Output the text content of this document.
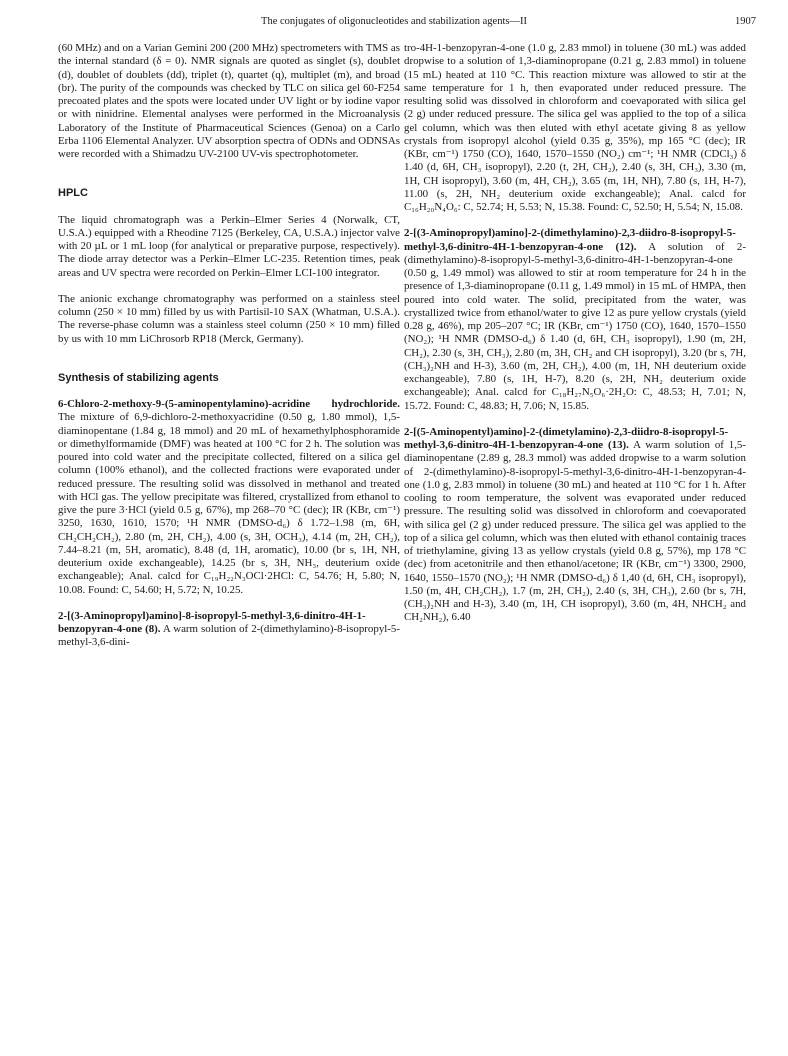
The conjugates of oligonucleotides and stabilization agents—II	1907

(60 MHz) and on a Varian Gemini 200 (200 MHz) spectrometers with TMS as the internal standard (δ = 0). NMR signals are quoted as singlet (s), doublet (d), doublet of doublets (dd), triplet (t), quartet (q), multiplet (m), and broad (br). The purity of the compounds was checked by TLC on silica gel 60-F254 precoated plates and the spots were located under UV light or by iodine vapor or with ninidrine. Elemental analyses were performed in the Microanalysis Laboratory of the Institute of Pharmaceutical Sciences (Genoa) on a Carlo Erba 1106 Elemental Analyzer. UV absorption spectra of ODNs and ODNSAs were recorded with a Shimadzu UV-2100 UV-vis spectrophotometer.

HPLC

The liquid chromatograph was a Perkin–Elmer Series 4 (Norwalk, CT, U.S.A.) equipped with a Rheodine 7125 (Berkeley, CA, U.S.A.) injector valve with 20 µL or 1 mL loop (for analytical or preparative purpose, respectively). The diode array detector was a Perkin–Elmer LC-235. Retention times, peak areas and UV spectra were recorded on Perkin–Elmer LCI-100 integrator.

The anionic exchange chromatography was performed on a stainless steel column (250 × 10 mm) filled by us with Partisil-10 SAX (Whatman, U.S.A.). The reverse-phase column was a stainless steel column (250 × 10 mm) filled by us with 10 mm LiChrosorb RP18 (Merck, Germany).

Synthesis of stabilizing agents

6-Chloro-2-methoxy-9-(5-aminopentylamino)-acridine hydrochloride. The mixture of 6,9-dichloro-2-methoxyacridine (0.50 g, 1.80 mmol), 1,5-diaminopentane (1.84 g, 18 mmol) and 20 mL of hexamethylphosphoramide or dimethylformamide (DMF) was heated at 100 °C for 2 h. The solution was poured into cold water and the precipitate collected, filtered on a silica gel column (100% ethanol), and the collected fractions were evaporated under reduced pressure. The resulting solid was dissolved in methanol and treated with HCl gas. The yellow precipitate was filtered, crystallized from ethanol to give the pure 3·HCl (yield 0.5 g, 67%), mp 268–70 °C (dec); IR (KBr, cm⁻¹) 3250, 1630, 1610, 1570; ¹H NMR (DMSO-d₆) δ 1.72–1.98 (m, 6H, CH₂CH₂CH₂), 2.80 (m, 2H, CH₂), 4.00 (s, 3H, OCH₃), 4.14 (m, 2H, CH₂), 7.44–8.21 (m, 5H, aromatic), 8.48 (d, 1H, aromatic), 10.00 (br s, 1H, NH, deuterium oxide exchangeable), 14.25 (br s, 3H, NH₃, deuterium oxide exchangeable); Anal. calcd for C₁₉H₂₂N₃OCl·2HCl: C, 54.76; H, 5.80; N, 10.08. Found: C, 54.60; H, 5.72; N, 10.25.

2-[(3-Aminopropyl)amino]-8-isopropyl-5-methyl-3,6-dinitro-4H-1-benzopyran-4-one (8). A warm solution of 2-(dimethylamino)-8-isopropyl-5-methyl-3,6-dini-

tro-4H-1-benzopyran-4-one (1.0 g, 2.83 mmol) in toluene (30 mL) was added dropwise to a solution of 1,3-diaminopropane (0.21 g, 2.83 mmol) in toluene (15 mL) heated at 110 °C. This reaction mixture was allowed to stir at the same temperature for 1 h, then evaporated under reduced pressure. The resulting solid was dissolved in chloroform and coevaporated with silica gel (2 g) under reduced pressure. The silica gel was applied to the top of a silica gel column, which was then eluted with ethyl acetate giving 8 as yellow crystals from isopropyl alcohol (yield 0.35 g, 35%), mp 165 °C (dec); IR (KBr, cm⁻¹) 1750 (CO), 1640, 1570–1550 (NO₂) cm⁻¹; ¹H NMR (CDCl₃) δ 1.40 (d, 6H, CH₃ isopropyl), 2.20 (t, 2H, CH₂), 2.40 (s, 3H, CH₃), 3.30 (m, 1H, CH isopropyl), 3.60 (m, 4H, CH₂), 3.65 (m, 1H, NH), 7.80 (s, 1H, H-7), 11.00 (s, 2H, NH₂ deuterium oxide exchangeable); Anal. calcd for C₁₆H₂₀N₄O₆: C, 52.74; H, 5.53; N, 15.38. Found: C, 52.50; H, 5.54; N, 15.08.

2-[(3-Aminopropyl)amino]-2-(dimethylamino)-2,3-diidro-8-isopropyl-5-methyl-3,6-dinitro-4H-1-benzopyran-4-one (12). A solution of 2-(dimethylamino)-8-isopropyl-5-methyl-3,6-dinitro-4H-1-benzopyran-4-one (0.50 g, 1.49 mmol) was allowed to stir at room temperature for 24 h in the presence of 1,3-diaminopropane (0.11 g, 1.49 mmol) in 15 mL of HMPA, then poured into cold water. The solid, precipitated from the water, was crystallized twice from ethanol/water to give 12 as pure yellow crystals (yield 0.28 g, 46%), mp 205–207 °C; IR (KBr, cm⁻¹) 1750 (CO), 1640, 1570–1550 (NO₂); ¹H NMR (DMSO-d₆) δ 1.40 (d, 6H, CH₃ isopropyl), 1.90 (m, 2H, CH₂), 2.30 (s, 3H, CH₃), 2.80 (m, 3H, CH₂ and CH isopropyl), 3.20 (br s, 7H, (CH₃)₂NH and H-3), 3.60 (m, 2H, CH₂), 4.00 (m, 1H, NH deuterium oxide exchangeable), 7.80 (s, 1H, H-7), 8.20 (s, 2H, NH₂ deuterium oxide exchangeable); Anal. calcd for C₁₈H₂₇N₅O₆·2H₂O: C, 48.53; H, 7.01; N, 15.72. Found: C, 48.83; H, 7.06; N, 15.85.

2-[(5-Aminopentyl)amino]-2-(dimetylamino)-2,3-diidro-8-isopropyl-5-methyl-3,6-dinitro-4H-1-benzopyran-4-one (13). A warm solution of 1,5-diaminopentane (2.89 g, 28.3 mmol) was added dropwise to a warm solution of 2-(dimethylamino)-8-isopropyl-5-methyl-3,6-dinitro-4H-1-benzopyran-4-one (1.0 g, 2.83 mmol) in toluene (30 mL) and heated at 110 °C for 1 h. After cooling to room temperature, the solvent was evaporated under reduced pressure. The resulting solid was dissolved in chloroform and coevaporated with silica gel (2 g) under reduced pressure. The silica gel was applied to the top of a silica gel column, which was then eluted with ethanol containig traces of triethylamine, giving 13 as yellow crystals (yield 0.8 g, 57%), mp 178 °C (dec) from acetonitrile and then ethanol/acetone; IR (KBr, cm⁻¹) 3300, 2900, 1640, 1550–1570 (NO₂); ¹H NMR (DMSO-d₆) δ 1,40 (d, 6H, CH₃ isopropyl), 1.50 (m, 4H, CH₂CH₂), 1.7 (m, 2H, CH₂), 2.40 (s, 3H, CH₃), 2.60 (br s, 7H, (CH₃)₂NH and H-3), 3.40 (m, 1H, CH isopropyl), 3.60 (m, 4H, NHCH₂ and CH₂NH₂), 6.40
